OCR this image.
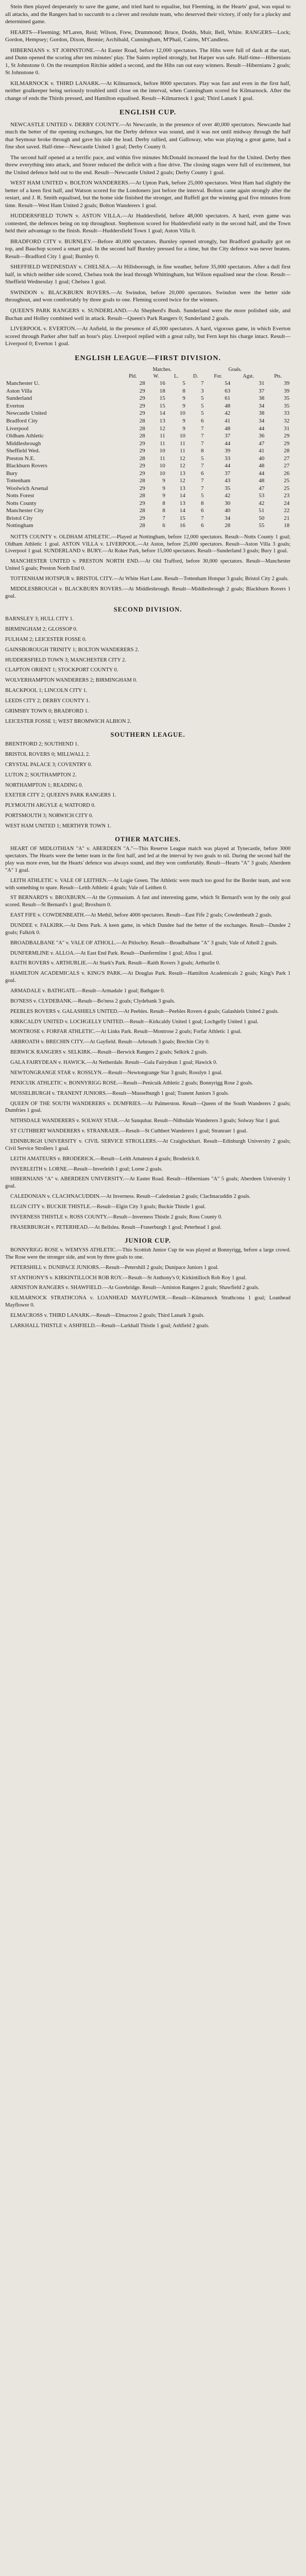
Stein then played desperately to save the game, and tried hard to equalise, but Fleeming, in the Hearts' goal, was equal to all attacks, and the Rangers had to succumb to a clever and resolute team, who deserved their victory, if only for a plucky and determined game.

HEARTS—Fleeming; M'Laren, Reid; Wilson, Frew, Drummond; Bruce, Dodds, Muir, Bell, White. RANGERS—Lock; Gordon, Hempsey; Gordon, Dixon, Bennie; Archibald, Cunningham, M'Phail, Cairns, M'Candless.

HIBERNIANS v. ST JOHNSTONE.—At Easter Road, before 12,000 spectators. The Hibs were full of dash at the start, and Dunn opened the scoring after ten minutes' play. The Saints replied strongly, but Harper was safe. Half-time—Hibernians 1, St Johnstone 0. On the resumption Ritchie added a second, and the Hibs ran out easy winners. Result—Hibernians 2 goals; St Johnstone 0.

KILMARNOCK v. THIRD LANARK.—At Kilmarnock, before 8000 spectators. Play was fast and even in the first half, neither goalkeeper being seriously troubled until close on the interval, when Cunningham scored for Kilmarnock. After the change of ends the Thirds pressed, and Hamilton equalised. Result—Kilmarnock 1 goal; Third Lanark 1 goal.

ENGLISH CUP.

NEWCASTLE UNITED v. DERBY COUNTY.—At Newcastle, in the presence of over 40,000 spectators. Newcastle had much the better of the opening exchanges, but the Derby defence was sound, and it was not until midway through the half that Seymour broke through and gave his side the lead. Derby rallied, and Galloway, who was playing a great game, had a fine shot saved. Half-time—Newcastle United 1 goal; Derby County 0.

The second half opened at a terrific pace, and within five minutes McDonald increased the lead for the United. Derby then threw everything into attack, and Storer reduced the deficit with a fine drive. The closing stages were full of excitement, but the United defence held out to the end. Result—Newcastle United 2 goals; Derby County 1 goal.

WEST HAM UNITED v. BOLTON WANDERERS.—At Upton Park, before 25,000 spectators. West Ham had slightly the better of a keen first half, and Watson scored for the Londoners just before the interval. Bolton came again strongly after the restart, and J. R. Smith equalised, but the home side finished the stronger, and Ruffell got the winning goal five minutes from time. Result—West Ham United 2 goals; Bolton Wanderers 1 goal.

HUDDERSFIELD TOWN v. ASTON VILLA.—At Huddersfield, before 48,000 spectators. A hard, even game was contested, the defences being on top throughout. Stephenson scored for Huddersfield early in the second half, and the Town held their advantage to the finish. Result—Huddersfield Town 1 goal; Aston Villa 0.

BRADFORD CITY v. BURNLEY.—Before 40,000 spectators. Burnley opened strongly, but Bradford gradually got on top, and Bauchop scored a smart goal. In the second half Burnley pressed for a time, but the City defence was never beaten. Result—Bradford City 1 goal; Burnley 0.

SHEFFIELD WEDNESDAY v. CHELSEA.—At Hillsborough, in fine weather, before 35,000 spectators. After a dull first half, in which neither side scored, Chelsea took the lead through Whittingham, but Wilson equalised near the close. Result—Sheffield Wednesday 1 goal; Chelsea 1 goal.

SWINDON v. BLACKBURN ROVERS.—At Swindon, before 20,000 spectators. Swindon were the better side throughout, and won comfortably by three goals to one. Fleming scored twice for the winners.

QUEEN'S PARK RANGERS v. SUNDERLAND.—At Shepherd's Bush. Sunderland were the more polished side, and Buchan and Holley combined well in attack. Result—Queen's Park Rangers 0; Sunderland 2 goals.

LIVERPOOL v. EVERTON.—At Anfield, in the presence of 45,000 spectators. A hard, vigorous game, in which Everton scored through Parker after half an hour's play. Liverpool replied with a great rally, but Fern kept his charge intact. Result—Liverpool 0; Everton 1 goal.

ENGLISH LEAGUE—FIRST DIVISION.
	Matches.				Goals.		
	Pld.	W.	L.	D.	For.	Agst.	Pts.
Manchester U.	28	16	5	7	54	31	39
Aston Villa	29	18	8	3	63	37	39
Sunderland	29	15	9	5	61	38	35
Everton	29	15	9	5	48	34	35
Newcastle United	29	14	10	5	42	38	33
Bradford City	28	13	9	6	41	34	32
Liverpool	28	12	9	7	48	44	31
Oldham Athletic	28	11	10	7	37	36	29
Middlesbrough	29	11	11	7	44	47	29
Sheffield Wed.	29	10	11	8	39	41	28
Preston N.E.	28	11	12	5	33	40	27
Blackburn Rovers	29	10	12	7	44	48	27
Bury	29	10	13	6	37	44	26
Tottenham	28	9	12	7	43	48	25
Woolwich Arsenal	29	9	13	7	35	47	25
Notts Forest	28	9	14	5	42	53	23
Notts County	29	8	13	8	30	42	24
Manchester City	28	8	14	6	40	51	22
Bristol City	29	7	15	7	34	50	21
Nottingham	28	6	16	6	28	55	18

NOTTS COUNTY v. OLDHAM ATHLETIC.—Played at Nottingham, before 12,000 spectators. Result—Notts County 1 goal; Oldham Athletic 1 goal. ASTON VILLA v. LIVERPOOL.—At Aston, before 25,000 spectators. Result—Aston Villa 3 goals; Liverpool 1 goal. SUNDERLAND v. BURY.—At Roker Park, before 15,000 spectators. Result—Sunderland 3 goals; Bury 1 goal.

MANCHESTER UNITED v. PRESTON NORTH END.—At Old Trafford, before 30,000 spectators. Result—Manchester United 5 goals; Preston North End 0.

TOTTENHAM HOTSPUR v. BRISTOL CITY.—At White Hart Lane. Result—Tottenham Hotspur 3 goals; Bristol City 2 goals.

MIDDLESBROUGH v. BLACKBURN ROVERS.—At Middlesbrough. Result—Middlesbrough 2 goals; Blackburn Rovers 1 goal.

SECOND DIVISION.

BARNSLEY 3; HULL CITY 1.

BIRMINGHAM 2; GLOSSOP 0.

FULHAM 2; LEICESTER FOSSE 0.

GAINSBOROUGH TRINITY 1; BOLTON WANDERERS 2.

HUDDERSFIELD TOWN 3; MANCHESTER CITY 2.

CLAPTON ORIENT 1; STOCKPORT COUNTY 0.

WOLVERHAMPTON WANDERERS 2; BIRMINGHAM 0.

BLACKPOOL 1; LINCOLN CITY 1.

LEEDS CITY 2; DERBY COUNTY 1.

GRIMSBY TOWN 0; BRADFORD 1.

LEICESTER FOSSE 1; WEST BROMWICH ALBION 2.

SOUTHERN LEAGUE.

BRENTFORD 2; SOUTHEND 1.

BRISTOL ROVERS 0; MILLWALL 2.

CRYSTAL PALACE 3; COVENTRY 0.

LUTON 2; SOUTHAMPTON 2.

NORTHAMPTON 1; READING 0.

EXETER CITY 2; QUEEN'S PARK RANGERS 1.

PLYMOUTH ARGYLE 4; WATFORD 0.

PORTSMOUTH 3; NORWICH CITY 0.

WEST HAM UNITED 1; MERTHYR TOWN 1.

OTHER MATCHES.

HEART OF MIDLOTHIAN "A" v. ABERDEEN "A."—This Reserve League match was played at Tynecastle, before 3000 spectators. The Hearts were the better team in the first half, and led at the interval by two goals to nil. During the second half the play was more even, but the Hearts' defence was always sound, and they won comfortably. Result—Hearts "A" 3 goals; Aberdeen "A" 1 goal.

LEITH ATHLETIC v. VALE OF LEITHEN.—At Logie Green. The Athletic were much too good for the Border team, and won with something to spare. Result—Leith Athletic 4 goals; Vale of Leithen 0.

ST BERNARD'S v. BROXBURN.—At the Gymnasium. A fast and interesting game, which St Bernard's won by the only goal scored. Result—St Bernard's 1 goal; Broxburn 0.

EAST FIFE v. COWDENBEATH.—At Methil, before 4000 spectators. Result—East Fife 2 goals; Cowdenbeath 2 goals.

DUNDEE v. FALKIRK.—At Dens Park. A keen game, in which Dundee had the better of the exchanges. Result—Dundee 2 goals; Falkirk 0.

BROADBALBANE "A" v. VALE OF ATHOLL.—At Pitlochry. Result—Broadbalbane "A" 3 goals; Vale of Atholl 2 goals.

DUNFERMLINE v. ALLOA.—At East End Park. Result—Dunfermline 1 goal; Alloa 1 goal.

RAITH ROVERS v. ARTHURLIE.—At Stark's Park. Result—Raith Rovers 3 goals; Arthurlie 0.

HAMILTON ACADEMICALS v. KING'S PARK.—At Douglas Park. Result—Hamilton Academicals 2 goals; King's Park 1 goal.

ARMADALE v. BATHGATE.—Result—Armadale 1 goal; Bathgate 0.

BO'NESS v. CLYDEBANK.—Result—Bo'ness 2 goals; Clydebank 3 goals.

PEEBLES ROVERS v. GALASHIELS UNITED.—At Peebles. Result—Peebles Rovers 4 goals; Galashiels United 2 goals.

KIRKCALDY UNITED v. LOCHGELLY UNITED.—Result—Kirkcaldy United 1 goal; Lochgelly United 1 goal.

MONTROSE v. FORFAR ATHLETIC.—At Links Park. Result—Montrose 2 goals; Forfar Athletic 1 goal.

ARBROATH v. BRECHIN CITY.—At Gayfield. Result—Arbroath 3 goals; Brechin City 0.

BERWICK RANGERS v. SELKIRK.—Result—Berwick Rangers 2 goals; Selkirk 2 goals.

GALA FAIRYDEAN v. HAWICK.—At Netherdale. Result—Gala Fairydean 1 goal; Hawick 0.

NEWTONGRANGE STAR v. ROSSLYN.—Result—Newtongrange Star 3 goals; Rosslyn 1 goal.

PENICUIK ATHLETIC v. BONNYRIGG ROSE.—Result—Penicuik Athletic 2 goals; Bonnyrigg Rose 2 goals.

MUSSELBURGH v. TRANENT JUNIORS.—Result—Musselburgh 1 goal; Tranent Juniors 3 goals.

QUEEN OF THE SOUTH WANDERERS v. DUMFRIES.—At Palmerston. Result—Queen of the South Wanderers 2 goals; Dumfries 1 goal.

NITHSDALE WANDERERS v. SOLWAY STAR.—At Sanquhar. Result—Nithsdale Wanderers 3 goals; Solway Star 1 goal.

ST CUTHBERT WANDERERS v. STRANRAER.—Result—St Cuthbert Wanderers 1 goal; Stranraer 1 goal.

EDINBURGH UNIVERSITY v. CIVIL SERVICE STROLLERS.—At Craiglockhart. Result—Edinburgh University 2 goals; Civil Service Strollers 1 goal.

LEITH AMATEURS v. BRODERICK.—Result—Leith Amateurs 4 goals; Broderick 0.

INVERLEITH v. LORNE.—Result—Inverleith 1 goal; Lorne 2 goals.

HIBERNIANS "A" v. ABERDEEN UNIVERSITY.—At Easter Road. Result—Hibernians "A" 5 goals; Aberdeen University 1 goal.

CALEDONIAN v. CLACHNACUDDIN.—At Inverness. Result—Caledonian 2 goals; Clachnacuddin 2 goals.

ELGIN CITY v. BUCKIE THISTLE.—Result—Elgin City 3 goals; Buckie Thistle 1 goal.

INVERNESS THISTLE v. ROSS COUNTY.—Result—Inverness Thistle 2 goals; Ross County 0.

FRASERBURGH v. PETERHEAD.—At Bellslea. Result—Fraserburgh 1 goal; Peterhead 1 goal.

JUNIOR CUP.

BONNYRIGG ROSE v. WEMYSS ATHLETIC.—This Scottish Junior Cup tie was played at Bonnyrigg, before a large crowd. The Rose were the stronger side, and won by three goals to one.

PETERSHILL v. DUNIPACE JUNIORS.—Result—Petershill 2 goals; Dunipace Juniors 1 goal.

ST ANTHONY'S v. KIRKINTILLOCH ROB ROY.—Result—St Anthony's 0; Kirkintilloch Rob Roy 1 goal.

ARNISTON RANGERS v. SHAWFIELD.—At Gorebridge. Result—Arniston Rangers 2 goals; Shawfield 2 goals.

KILMARNOCK STRATHCONA v. LOANHEAD MAYFLOWER.—Result—Kilmarnock Strathcona 1 goal; Loanhead Mayflower 0.

ELMACROSS v. THIRD LANARK.—Result—Elmacross 2 goals; Third Lanark 3 goals.

LARKHALL THISTLE v. ASHFIELD.—Result—Larkhall Thistle 1 goal; Ashfield 2 goals.
